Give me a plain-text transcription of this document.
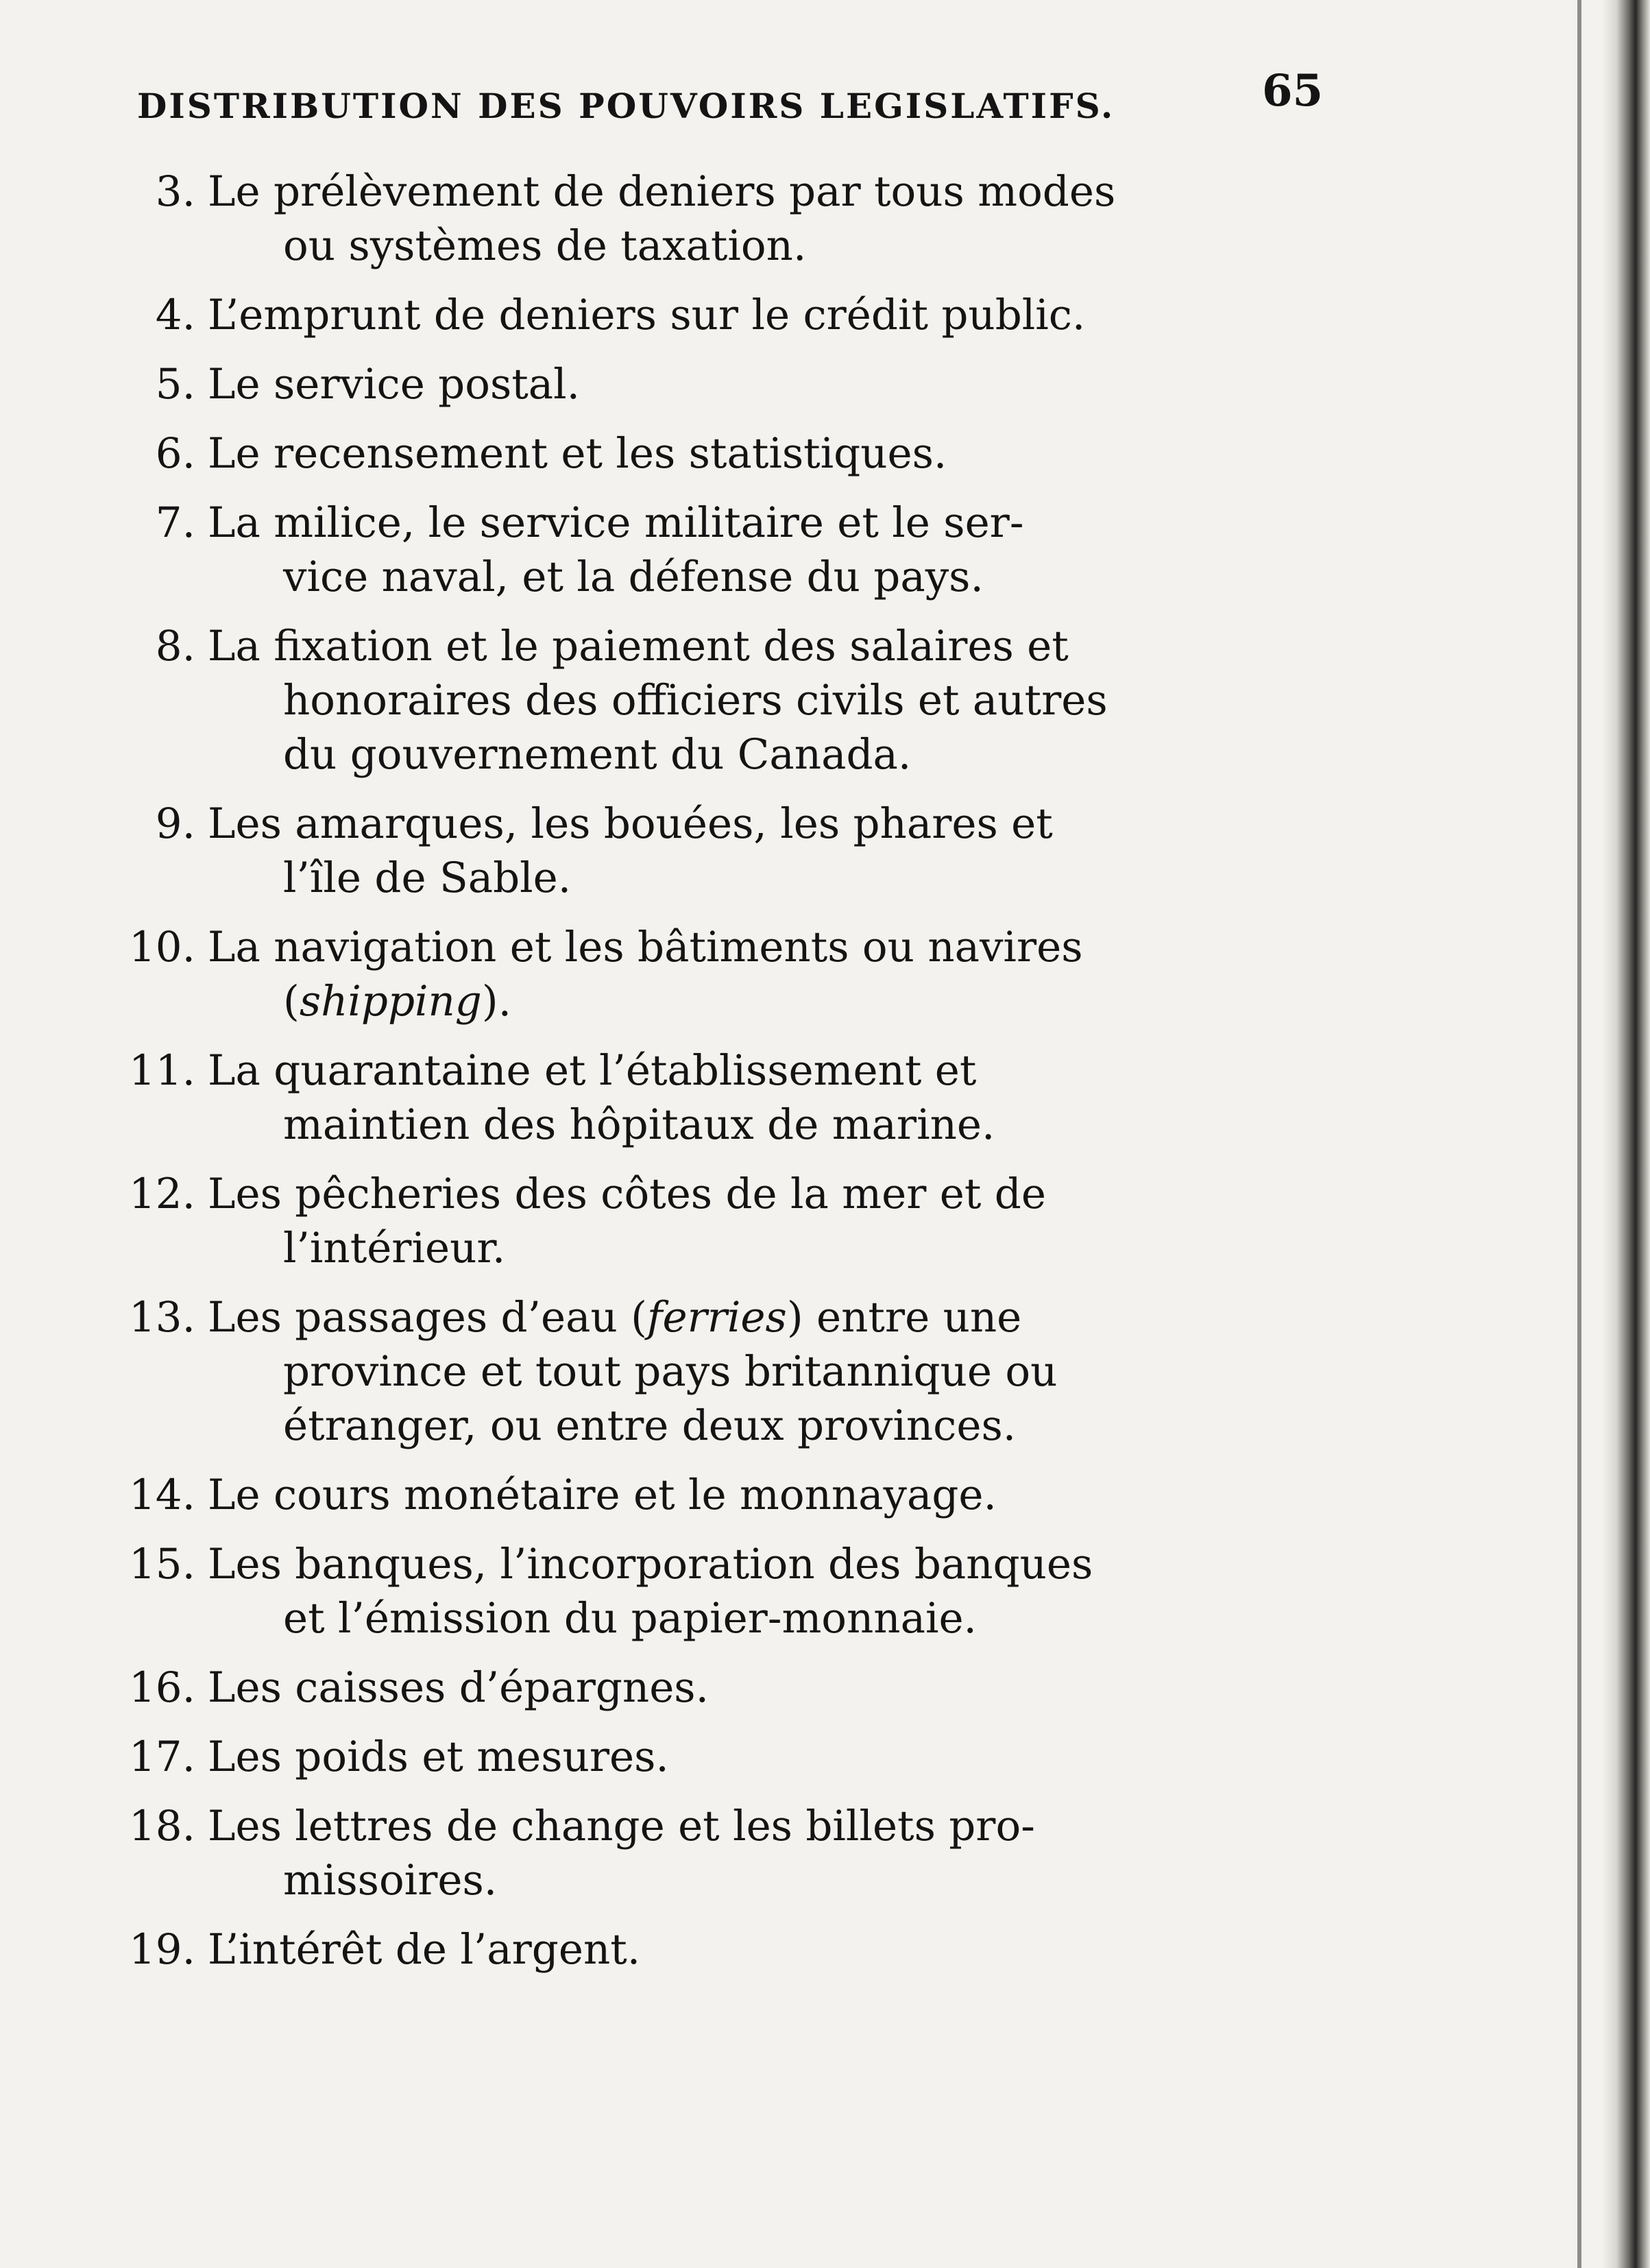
DISTRIBUTION DES POUVOIRS LEGISLATIFS.	65
3. Le prélèvement de deniers par tous modes
ou systèmes de taxation.
4. L’emprunt de deniers sur le crédit public.
5. Le service postal.
6. Le recensement et les statistiques.
7. La milice, le service militaire et le ser-
vice naval, et la défense du pays.
8. La fixation et le paiement des salaires et
honoraires des officiers civils et autres
du gouvernement du Canada.
9. Les amarques, les bouées, les phares et
l’île de Sable.
10. La navigation et les bâtiments ou navires
(shipping).
11. La quarantaine et l’établissement et
maintien des hôpitaux de marine.
12. Les pêcheries des côtes de la mer et de
l’intérieur.
13. Les passages d’eau (ferries) entre une
province et tout pays britannique ou
étranger, ou entre deux provinces.
14. Le cours monétaire et le monnayage.
15. Les banques, l’incorporation des banques
et l’émission du papier-monnaie.
16. Les caisses d’épargnes.
17. Les poids et mesures.
18. Les lettres de change et les billets pro-
missoires.
19. L’intérêt de l’argent.
